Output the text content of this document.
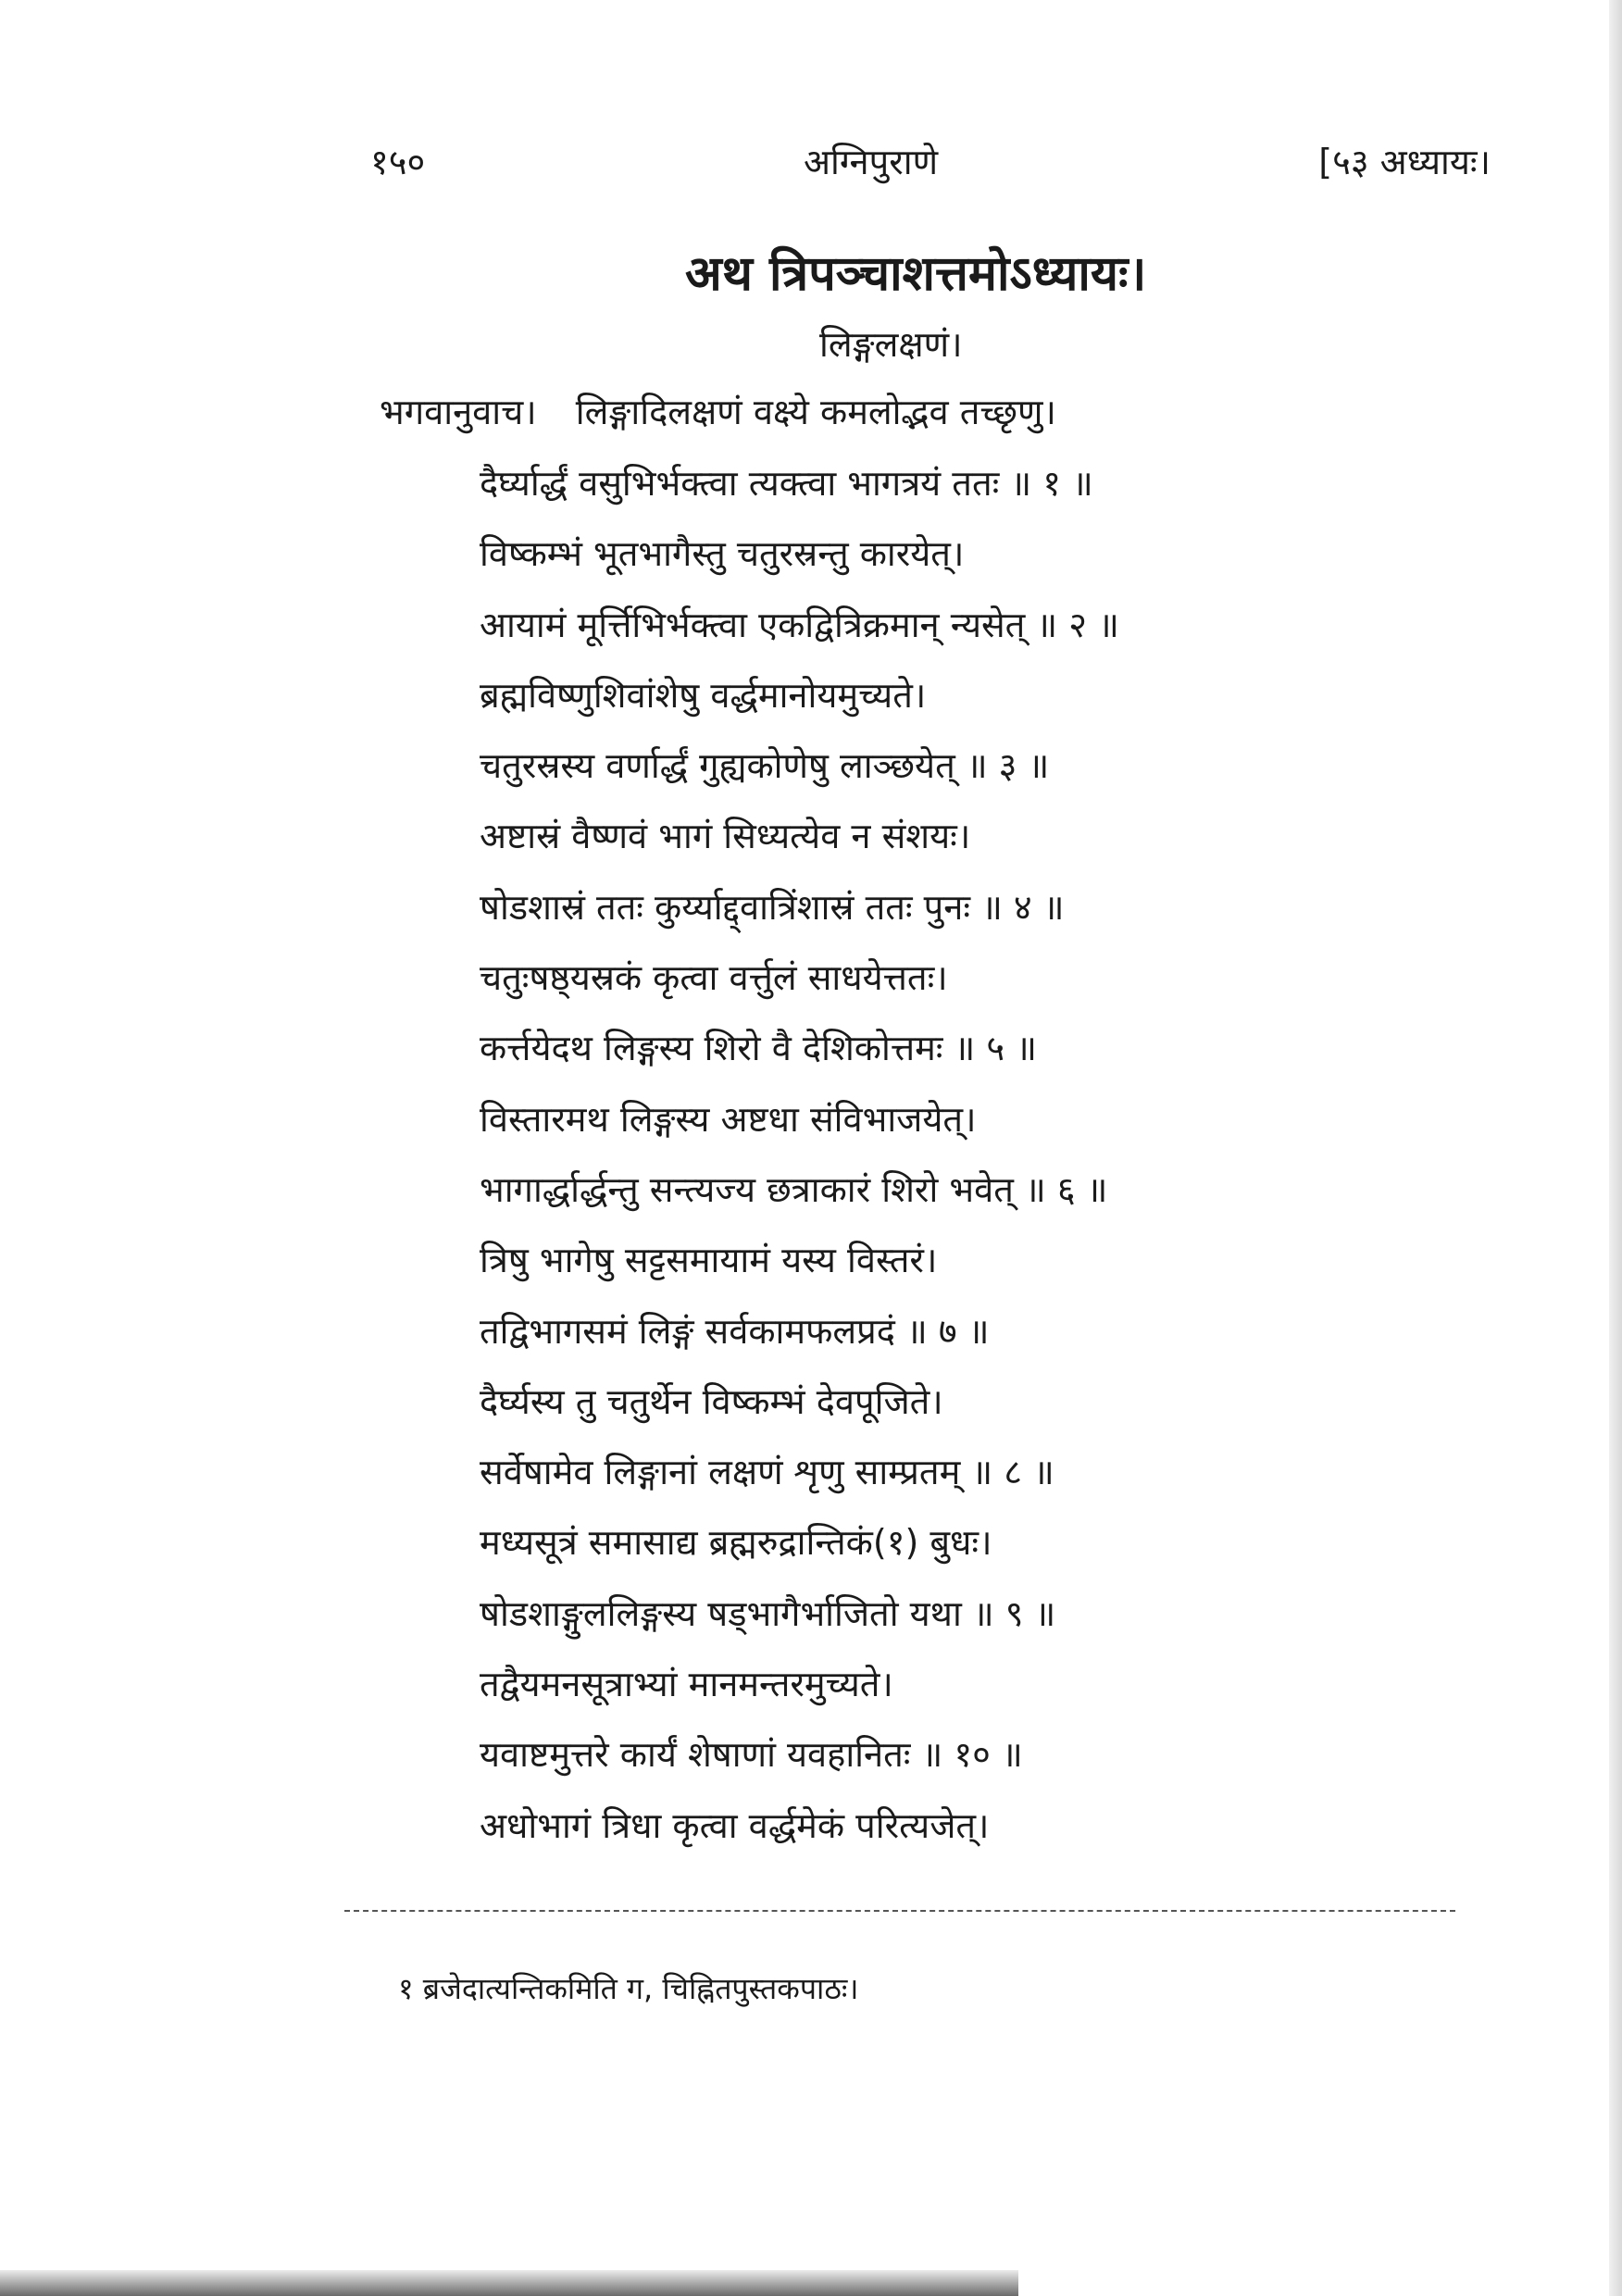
१५०	अग्निपुराणे	[५३ अध्यायः।
अथ त्रिपञ्चाशत्तमोऽध्यायः।
लिङ्गलक्षणं।
भगवानुवाच। लिङ्गादिलक्षणं वक्ष्ये कमलोद्भव तच्छृणु।
दैर्घ्यार्द्धं वसुभिर्भक्त्वा त्यक्त्वा भागत्रयं ततः ॥ १ ॥
विष्कम्भं भूतभागैस्तु चतुरस्रन्तु कारयेत्।
आयामं मूर्त्तिभिर्भक्त्वा एकद्वित्रिक्रमान् न्यसेत् ॥ २ ॥
ब्रह्मविष्णुशिवांशेषु वर्द्धमानोयमुच्यते।
चतुरस्रस्य वर्णार्द्धं गुह्यकोणेषु लाञ्छयेत् ॥ ३ ॥
अष्टास्रं वैष्णवं भागं सिध्यत्येव न संशयः।
षोडशास्रं ततः कुर्य्याद्द्वात्रिंशास्रं ततः पुनः ॥ ४ ॥
चतुःषष्ठ्यस्रकं कृत्वा वर्त्तुलं साधयेत्ततः।
कर्त्तयेदथ लिङ्गस्य शिरो वै देशिकोत्तमः ॥ ५ ॥
विस्तारमथ लिङ्गस्य अष्टधा संविभाजयेत्।
भागार्द्धार्द्धन्तु सन्त्यज्य छत्राकारं शिरो भवेत् ॥ ६ ॥
त्रिषु भागेषु सट्टसमायामं यस्य विस्तरं।
तद्विभागसमं लिङ्गं सर्वकामफलप्रदं ॥ ७ ॥
दैर्घ्यस्य तु चतुर्थेन विष्कम्भं देवपूजिते।
सर्वेषामेव लिङ्गानां लक्षणं शृणु साम्प्रतम् ॥ ८ ॥
मध्यसूत्रं समासाद्य ब्रह्मरुद्रान्तिकं(१) बुधः।
षोडशाङ्गुललिङ्गस्य षड्भागैर्भाजितो यथा ॥ ९ ॥
तद्वैयमनसूत्राभ्यां मानमन्तरमुच्यते।
यवाष्टमुत्तरे कार्यं शेषाणां यवहानितः ॥ १० ॥
अधोभागं त्रिधा कृत्वा वर्द्धमेकं परित्यजेत्।
१ ब्रजेदात्यन्तिकमिति ग, चिह्नितपुस्तकपाठः।
